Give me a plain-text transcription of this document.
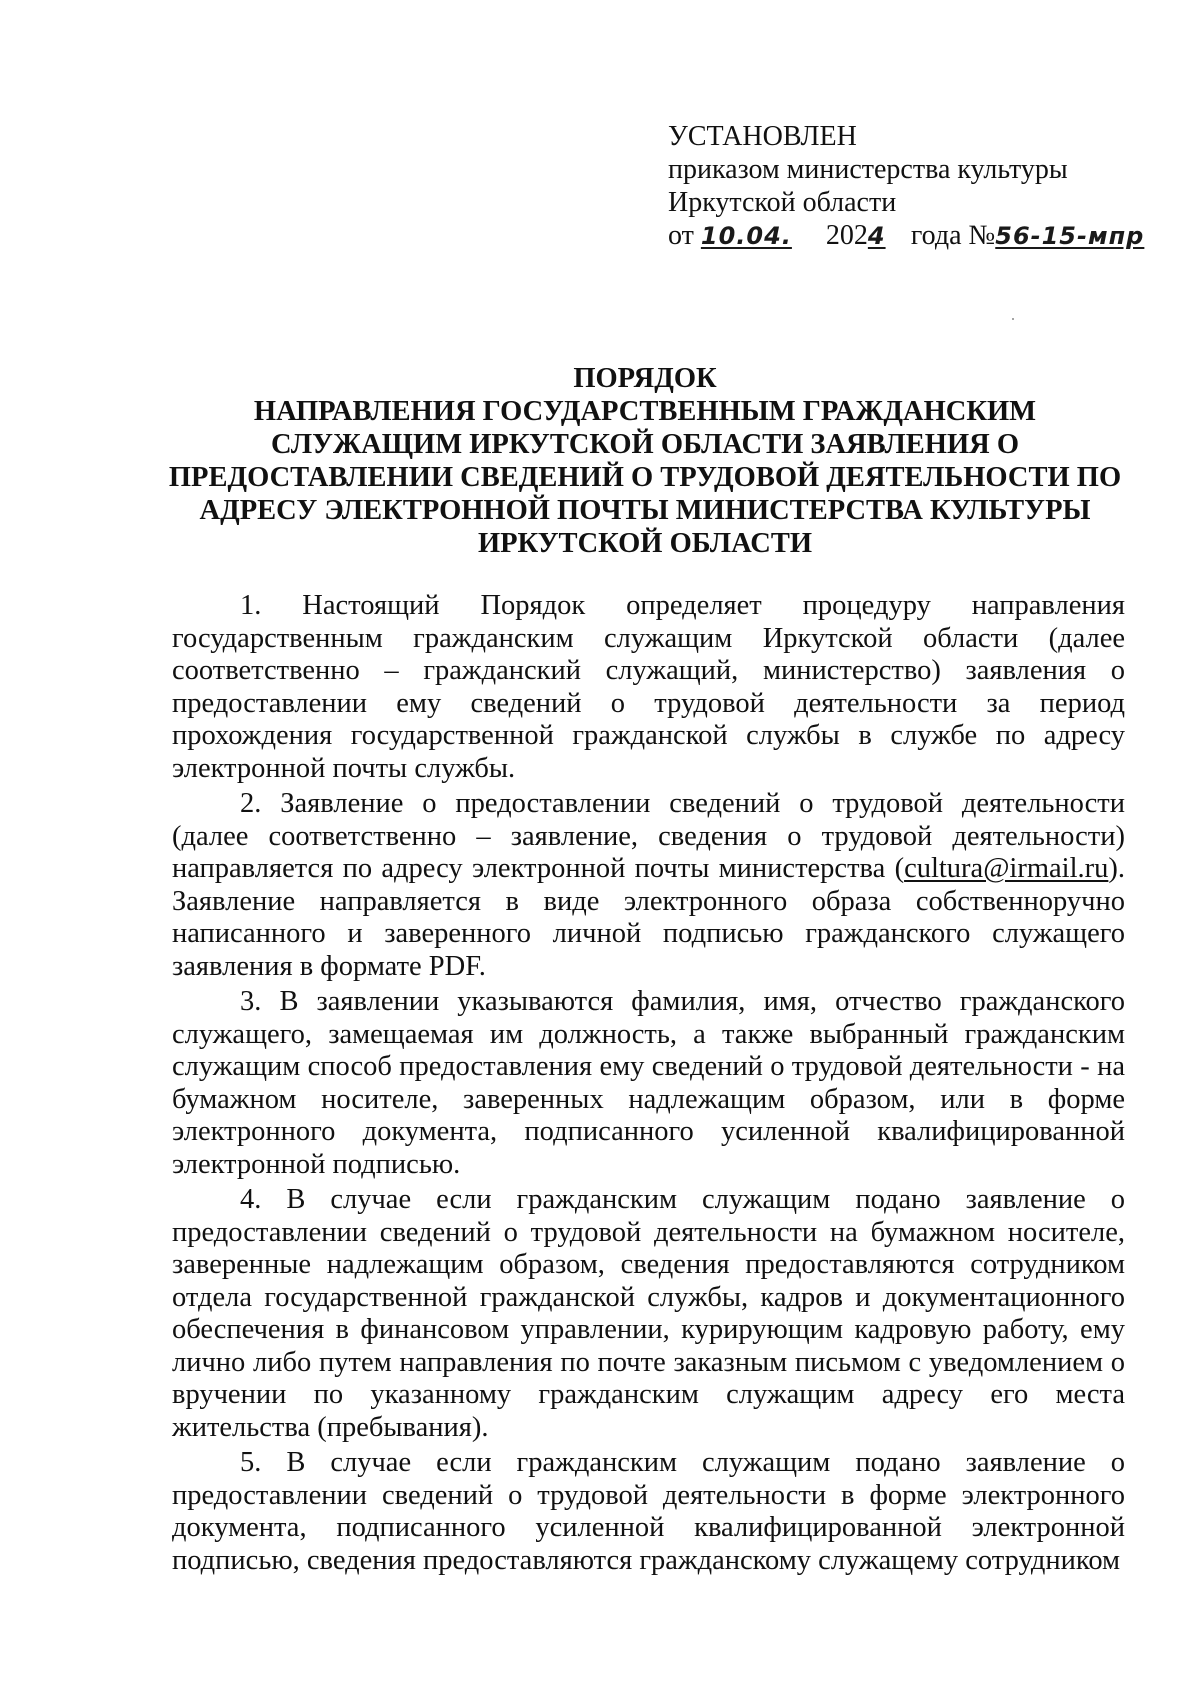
УСТАНОВЛЕН
приказом министерства культуры
Иркутской области
от 10.04. 2024 года №56-15-мпр
ПОРЯДОК
НАПРАВЛЕНИЯ ГОСУДАРСТВЕННЫМ ГРАЖДАНСКИМ
СЛУЖАЩИМ ИРКУТСКОЙ ОБЛАСТИ ЗАЯВЛЕНИЯ О
ПРЕДОСТАВЛЕНИИ СВЕДЕНИЙ О ТРУДОВОЙ ДЕЯТЕЛЬНОСТИ ПО
АДРЕСУ ЭЛЕКТРОННОЙ ПОЧТЫ МИНИСТЕРСТВА КУЛЬТУРЫ
ИРКУТСКОЙ ОБЛАСТИ

1. Настоящий Порядок определяет процедуру направления государственным гражданским служащим Иркутской области (далее соответственно – гражданский служащий, министерство) заявления о предоставлении ему сведений о трудовой деятельности за период прохождения государственной гражданской службы в службе по адресу электронной почты службы.

2. Заявление о предоставлении сведений о трудовой деятельности (далее соответственно – заявление, сведения о трудовой деятельности) направляется по адресу электронной почты министерства (cultura@irmail.ru). Заявление направляется в виде электронного образа собственноручно написанного и заверенного личной подписью гражданского служащего заявления в формате PDF.

3. В заявлении указываются фамилия, имя, отчество гражданского служащего, замещаемая им должность, а также выбранный гражданским служащим способ предоставления ему сведений о трудовой деятельности - на бумажном носителе, заверенных надлежащим образом, или в форме электронного документа, подписанного усиленной квалифицированной электронной подписью.

4. В случае если гражданским служащим подано заявление о предоставлении сведений о трудовой деятельности на бумажном носителе, заверенные надлежащим образом, сведения предоставляются сотрудником отдела государственной гражданской службы, кадров и документационного обеспечения в финансовом управлении, курирующим кадровую работу, ему лично либо путем направления по почте заказным письмом с уведомлением о вручении по указанному гражданским служащим адресу его места жительства (пребывания).

5. В случае если гражданским служащим подано заявление о предоставлении сведений о трудовой деятельности в форме электронного документа, подписанного усиленной квалифицированной электронной подписью, сведения предоставляются гражданскому служащему сотрудником
